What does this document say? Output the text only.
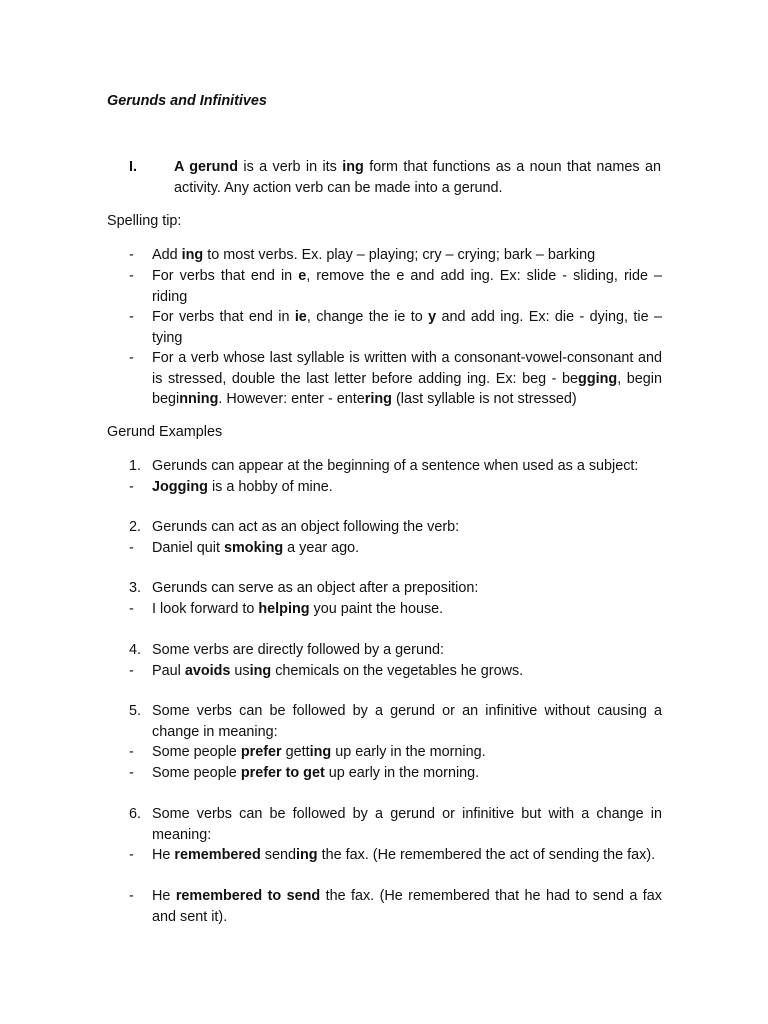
Gerunds and Infinitives
I.	A gerund is a verb in its ing form that functions as a noun that names an activity. Any action verb can be made into a gerund.
Spelling tip:
-	Add ing to most verbs. Ex. play – playing; cry – crying; bark – barking
-	For verbs that end in e, remove the e and add ing. Ex: slide - sliding, ride – riding
-	For verbs that end in ie, change the ie to y and add ing. Ex: die - dying, tie – tying
-	For a verb whose last syllable is written with a consonant-vowel-consonant and is stressed, double the last letter before adding ing. Ex: beg - begging, begin beginning. However: enter - entering (last syllable is not stressed)
Gerund Examples
1. Gerunds can appear at the beginning of a sentence when used as a subject:
-	Jogging is a hobby of mine.
2. Gerunds can act as an object following the verb:
-	Daniel quit smoking a year ago.
3. Gerunds can serve as an object after a preposition:
-	I look forward to helping you paint the house.
4. Some verbs are directly followed by a gerund:
-	Paul avoids using chemicals on the vegetables he grows.
5. Some verbs can be followed by a gerund or an infinitive without causing a change in meaning:
-	Some people prefer getting up early in the morning.
-	Some people prefer to get up early in the morning.
6. Some verbs can be followed by a gerund or infinitive but with a change in meaning:
-	He remembered sending the fax. (He remembered the act of sending the fax).
-	He remembered to send the fax. (He remembered that he had to send a fax and sent it).
